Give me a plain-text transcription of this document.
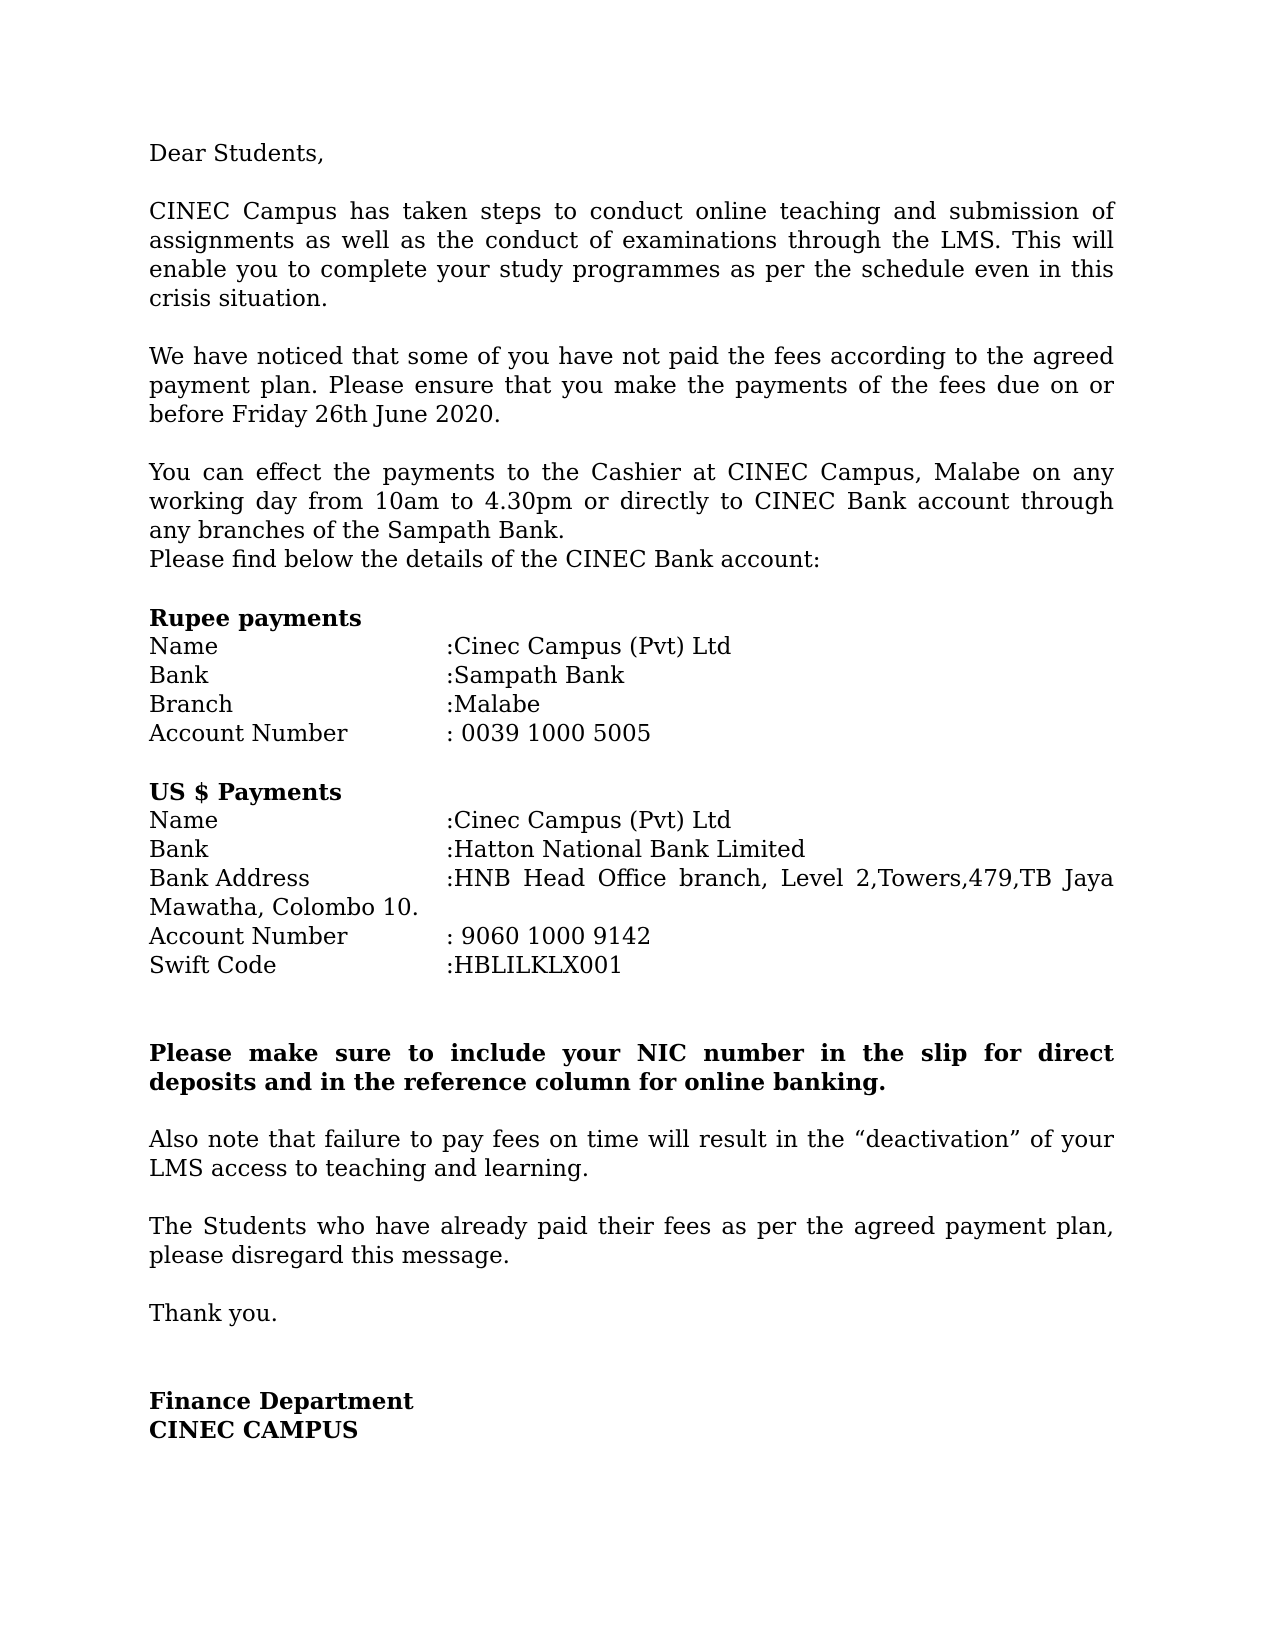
Dear Students,

CINEC Campus has taken steps to conduct online teaching and submission of assignments as well as the conduct of examinations through the LMS. This will enable you to complete your study programmes as per the schedule even in this crisis situation.

We have noticed that some of you have not paid the fees according to the agreed payment plan. Please ensure that you make the payments of the fees due on or before Friday 26th June 2020.

You can effect the payments to the Cashier at CINEC Campus, Malabe on any working day from 10am to 4.30pm or directly to CINEC Bank account through any branches of the Sampath Bank.

Please find below the details of the CINEC Bank account:

Rupee payments

Name	:Cinec Campus (Pvt) Ltd
Bank	:Sampath Bank
Branch	:Malabe
Account Number	: 0039 1000 5005

US $ Payments

Name	:Cinec Campus (Pvt) Ltd
Bank	:Hatton National Bank Limited
Bank Address	:HNB Head Office branch, Level 2,Towers,479,TB Jaya

Mawatha, Colombo 10.

Account Number	: 9060 1000 9142
Swift Code	:HBLILKLX001

Please make sure to include your NIC number in the slip for direct deposits and in the reference column for online banking.

Also note that failure to pay fees on time will result in the “deactivation” of your LMS access to teaching and learning.

The Students who have already paid their fees as per the agreed payment plan, please disregard this message.

Thank you.

Finance Department

CINEC CAMPUS
